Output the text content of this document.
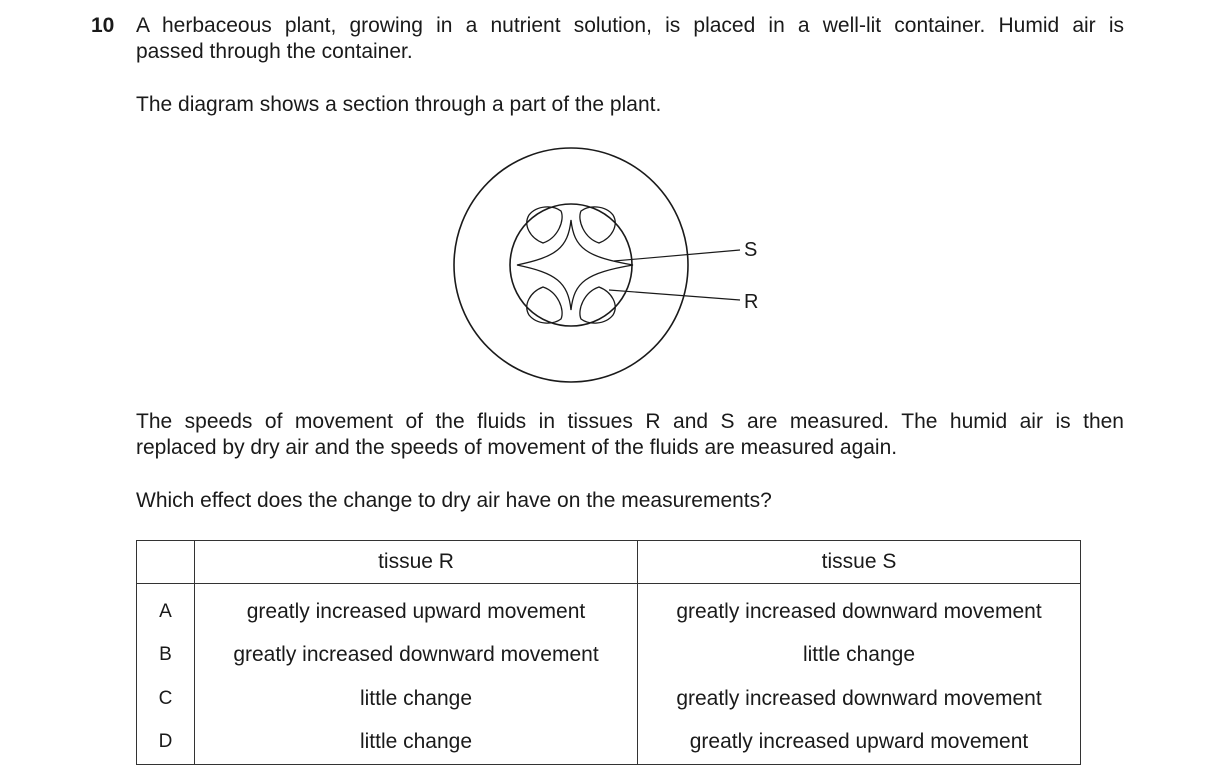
10 A herbaceous plant, growing in a nutrient solution, is placed in a well-lit container. Humid air is
passed through the container.
The diagram shows a section through a part of the plant.
S
R
The speeds of movement of the fluids in tissues R and S are measured. The humid air is then
replaced by dry air and the speeds of movement of the fluids are measured again.
Which effect does the change to dry air have on the measurements?
	tissue R	tissue S
A	greatly increased upward movement	greatly increased downward movement
B	greatly increased downward movement	little change
C	little change	greatly increased downward movement
D	little change	greatly increased upward movement
